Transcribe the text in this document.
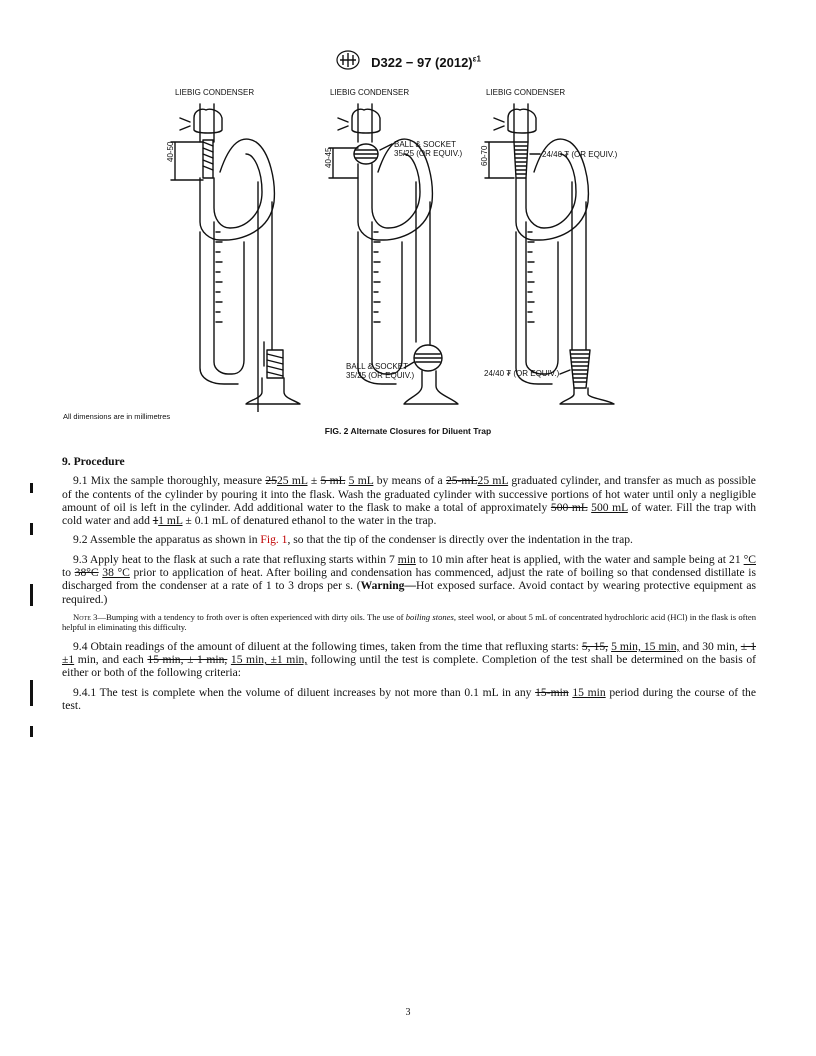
D322 − 97 $(2012)^{\varepsilon 1}$
LIEBIG CONDENSER	LIEBIG CONDENSER	LIEBIG CONDENSER
40-50	40-45	60-70
BALL & SOCKET
35/25 (OR EQUIV.)	24/40 ₮ (OR EQUIV.)
BALL & SOCKET
35/25 (OR EQUIV.)	24/40 ₮ (OR EQUIV.)
All dimensions are in millimetres
FIG. 2 Alternate Closures for Diluent Trap
9. Procedure
9.1 Mix the sample thoroughly, measure 2525 mL ± 5 mL 5 mL by means of a 25-mL25 mL graduated cylinder, and transfer as much as possible of the contents of the cylinder by pouring it into the flask. Wash the graduated cylinder with successive portions of hot water until only a negligible amount of oil is left in the cylinder. Add additional water to the flask to make a total of approximately 500 mL 500 mL of water. Fill the trap with cold water and add 11 mL ± 0.1 mL of denatured ethanol to the water in the trap.
9.2 Assemble the apparatus as shown in Fig. 1, so that the tip of the condenser is directly over the indentation in the trap.
9.3 Apply heat to the flask at such a rate that refluxing starts within 7 min to 10 min after heat is applied, with the water and sample being at 21 °C to 38°C 38 °C prior to application of heat. After boiling and condensation has commenced, adjust the rate of boiling so that condensed distillate is discharged from the condenser at a rate of 1 to 3 drops per s. (Warning—Hot exposed surface. Avoid contact by wearing protective equipment as required.)
Note 3—Bumping with a tendency to froth over is often experienced with dirty oils. The use of boiling stones, steel wool, or about 5 mL of concentrated hydrochloric acid (HCl) in the flask is often helpful in eliminating this difficulty.
9.4 Obtain readings of the amount of diluent at the following times, taken from the time that refluxing starts: 5, 15, 5 min, 15 min, and 30 min, ± 1 ±1 min, and each 15 min, ± 1 min, 15 min, ±1 min, following until the test is complete. Completion of the test shall be determined on the basis of either or both of the following criteria:
9.4.1 The test is complete when the volume of diluent increases by not more than 0.1 mL in any 15-min 15 min period during the course of the test.
3
